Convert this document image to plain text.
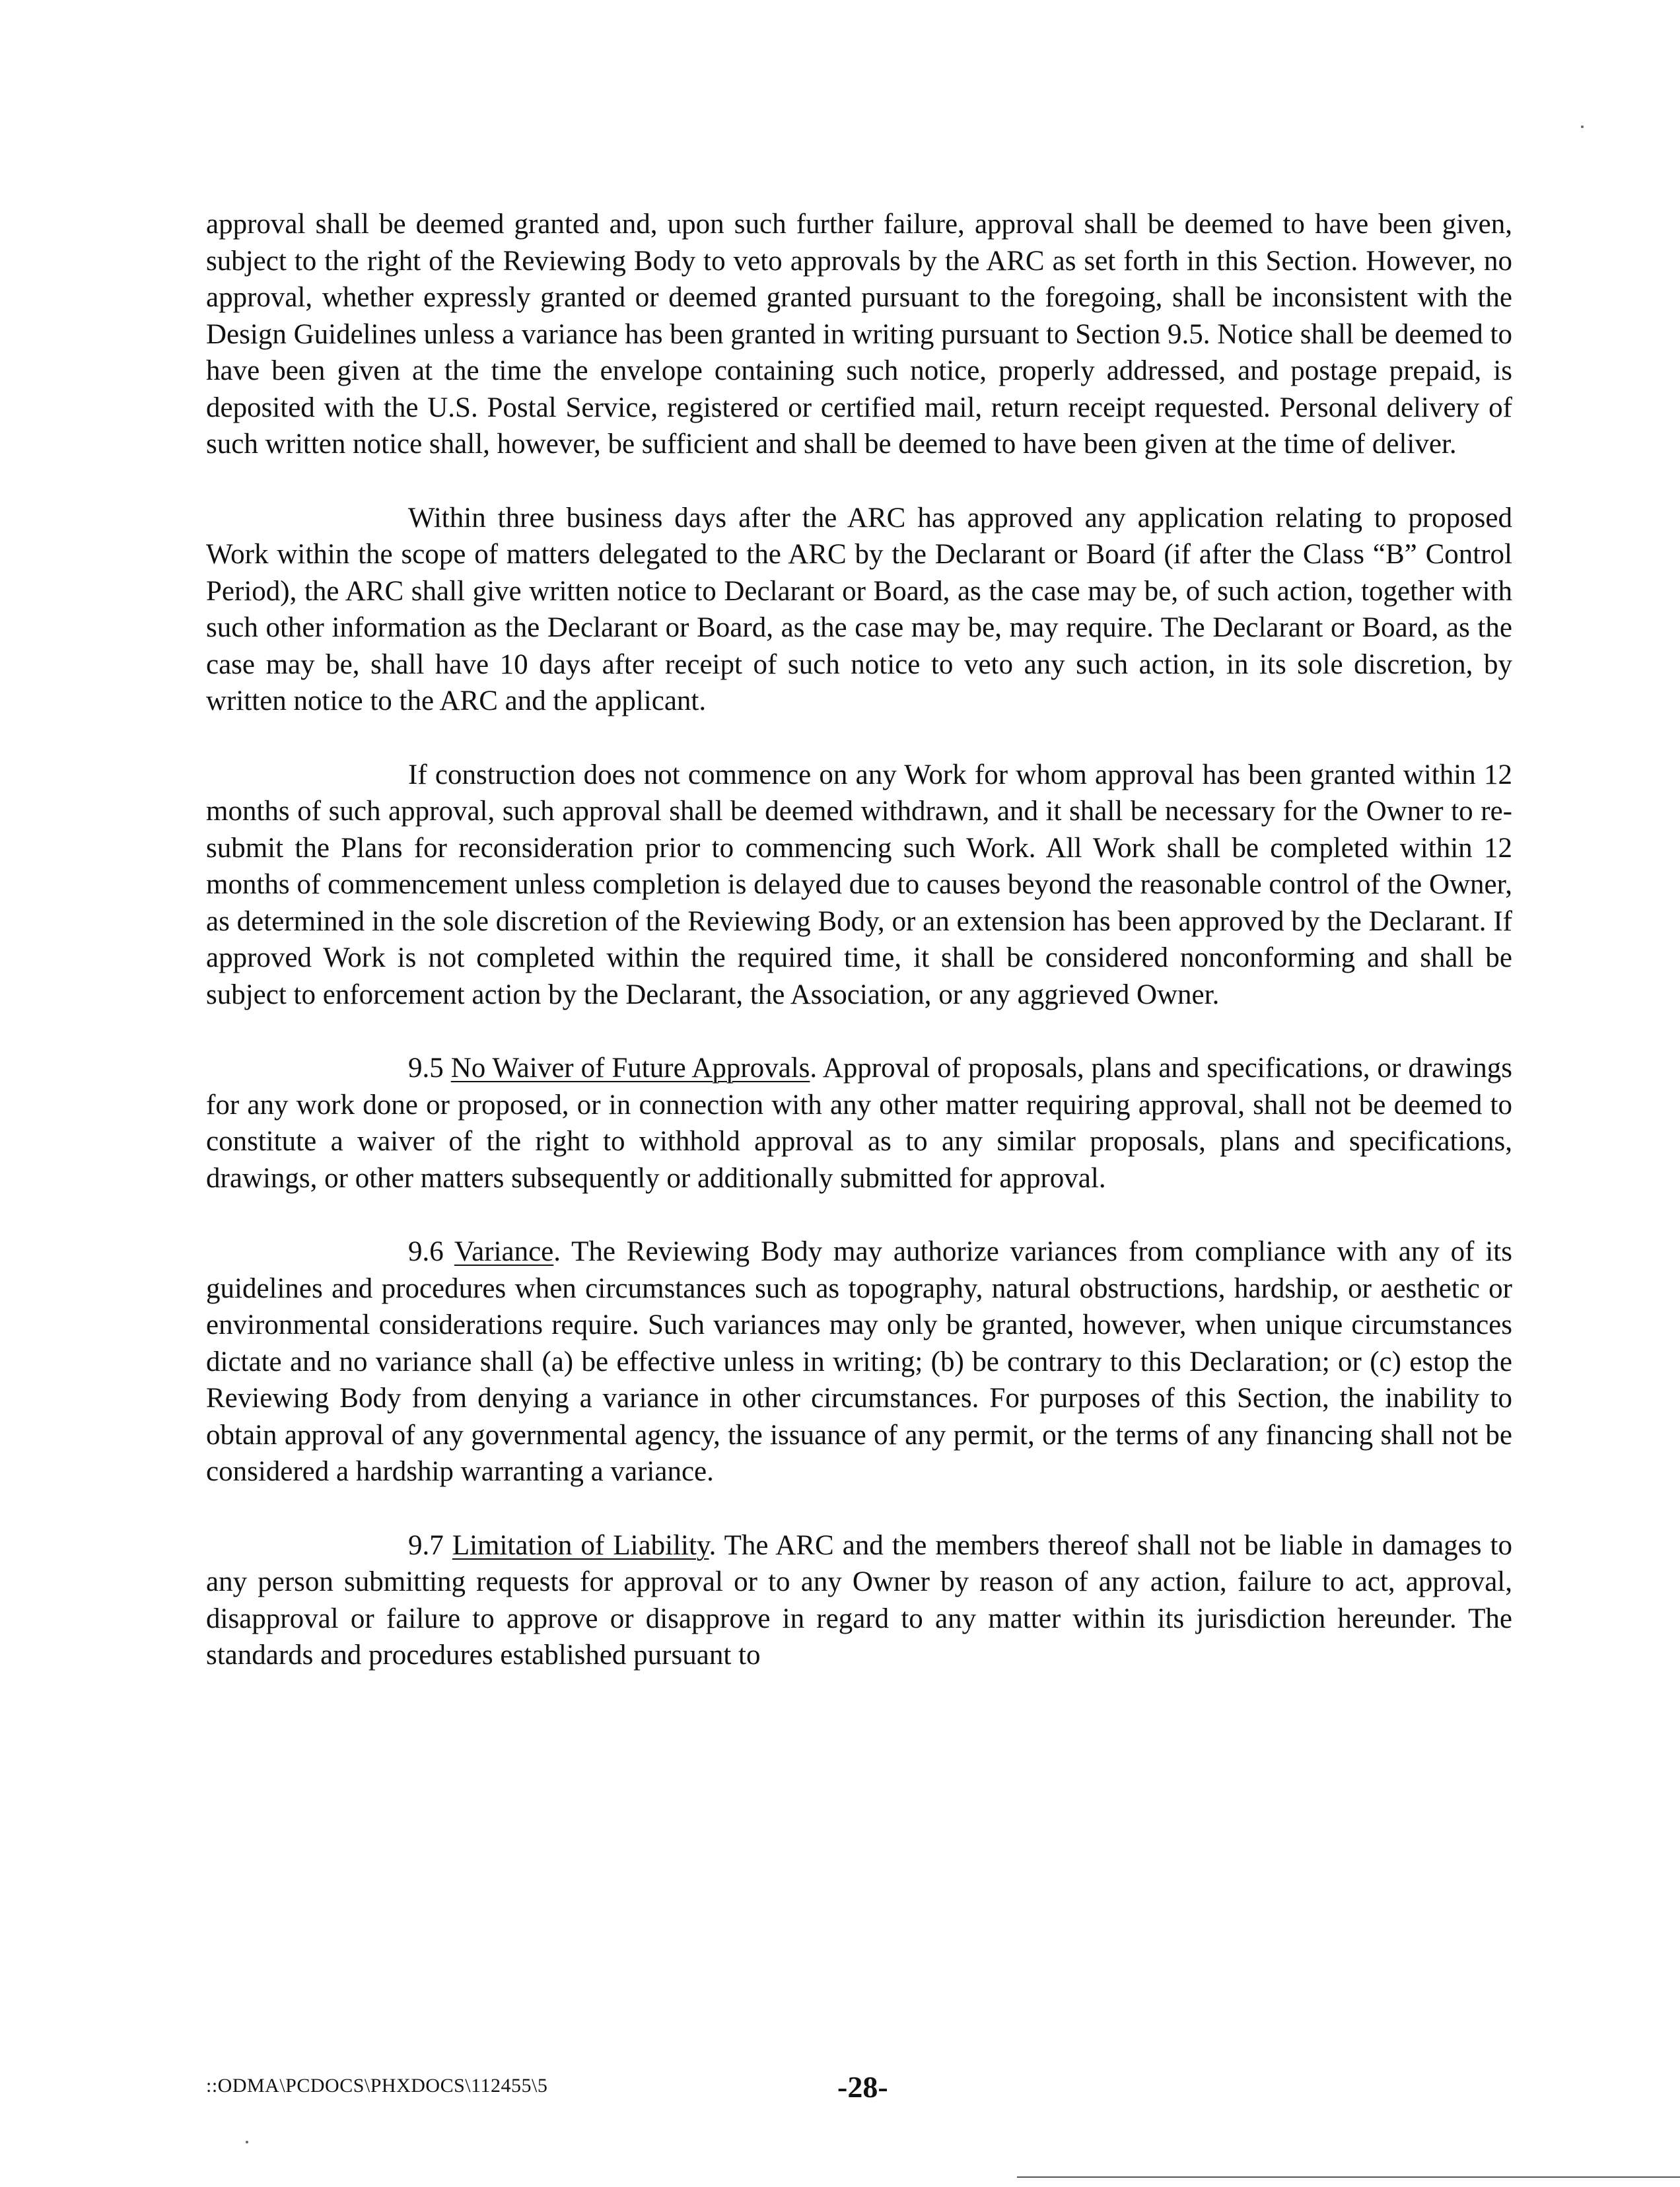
approval shall be deemed granted and, upon such further failure, approval shall be deemed to have been given, subject to the right of the Reviewing Body to veto approvals by the ARC as set forth in this Section. However, no approval, whether expressly granted or deemed granted pursuant to the foregoing, shall be inconsistent with the Design Guidelines unless a variance has been granted in writing pursuant to Section 9.5. Notice shall be deemed to have been given at the time the envelope containing such notice, properly addressed, and postage prepaid, is deposited with the U.S. Postal Service, registered or certified mail, return receipt requested. Personal delivery of such written notice shall, however, be sufficient and shall be deemed to have been given at the time of deliver.

Within three business days after the ARC has approved any application relating to proposed Work within the scope of matters delegated to the ARC by the Declarant or Board (if after the Class “B” Control Period), the ARC shall give written notice to Declarant or Board, as the case may be, of such action, together with such other information as the Declarant or Board, as the case may be, may require. The Declarant or Board, as the case may be, shall have 10 days after receipt of such notice to veto any such action, in its sole discretion, by written notice to the ARC and the applicant.

If construction does not commence on any Work for whom approval has been granted within 12 months of such approval, such approval shall be deemed withdrawn, and it shall be necessary for the Owner to re-submit the Plans for reconsideration prior to commencing such Work. All Work shall be completed within 12 months of commencement unless completion is delayed due to causes beyond the reasonable control of the Owner, as determined in the sole discretion of the Reviewing Body, or an extension has been approved by the Declarant. If approved Work is not completed within the required time, it shall be considered nonconforming and shall be subject to enforcement action by the Declarant, the Association, or any aggrieved Owner.

9.5 No Waiver of Future Approvals. Approval of proposals, plans and specifications, or drawings for any work done or proposed, or in connection with any other matter requiring approval, shall not be deemed to constitute a waiver of the right to withhold approval as to any similar proposals, plans and specifications, drawings, or other matters subsequently or additionally submitted for approval.

9.6 Variance. The Reviewing Body may authorize variances from compliance with any of its guidelines and procedures when circumstances such as topography, natural obstructions, hardship, or aesthetic or environmental considerations require. Such variances may only be granted, however, when unique circumstances dictate and no variance shall (a) be effective unless in writing; (b) be contrary to this Declaration; or (c) estop the Reviewing Body from denying a variance in other circumstances. For purposes of this Section, the inability to obtain approval of any governmental agency, the issuance of any permit, or the terms of any financing shall not be considered a hardship warranting a variance.

9.7 Limitation of Liability. The ARC and the members thereof shall not be liable in damages to any person submitting requests for approval or to any Owner by reason of any action, failure to act, approval, disapproval or failure to approve or disapprove in regard to any matter within its jurisdiction hereunder. The standards and procedures established pursuant to

::ODMA\PCDOCS\PHXDOCS\112455\5	-28-
